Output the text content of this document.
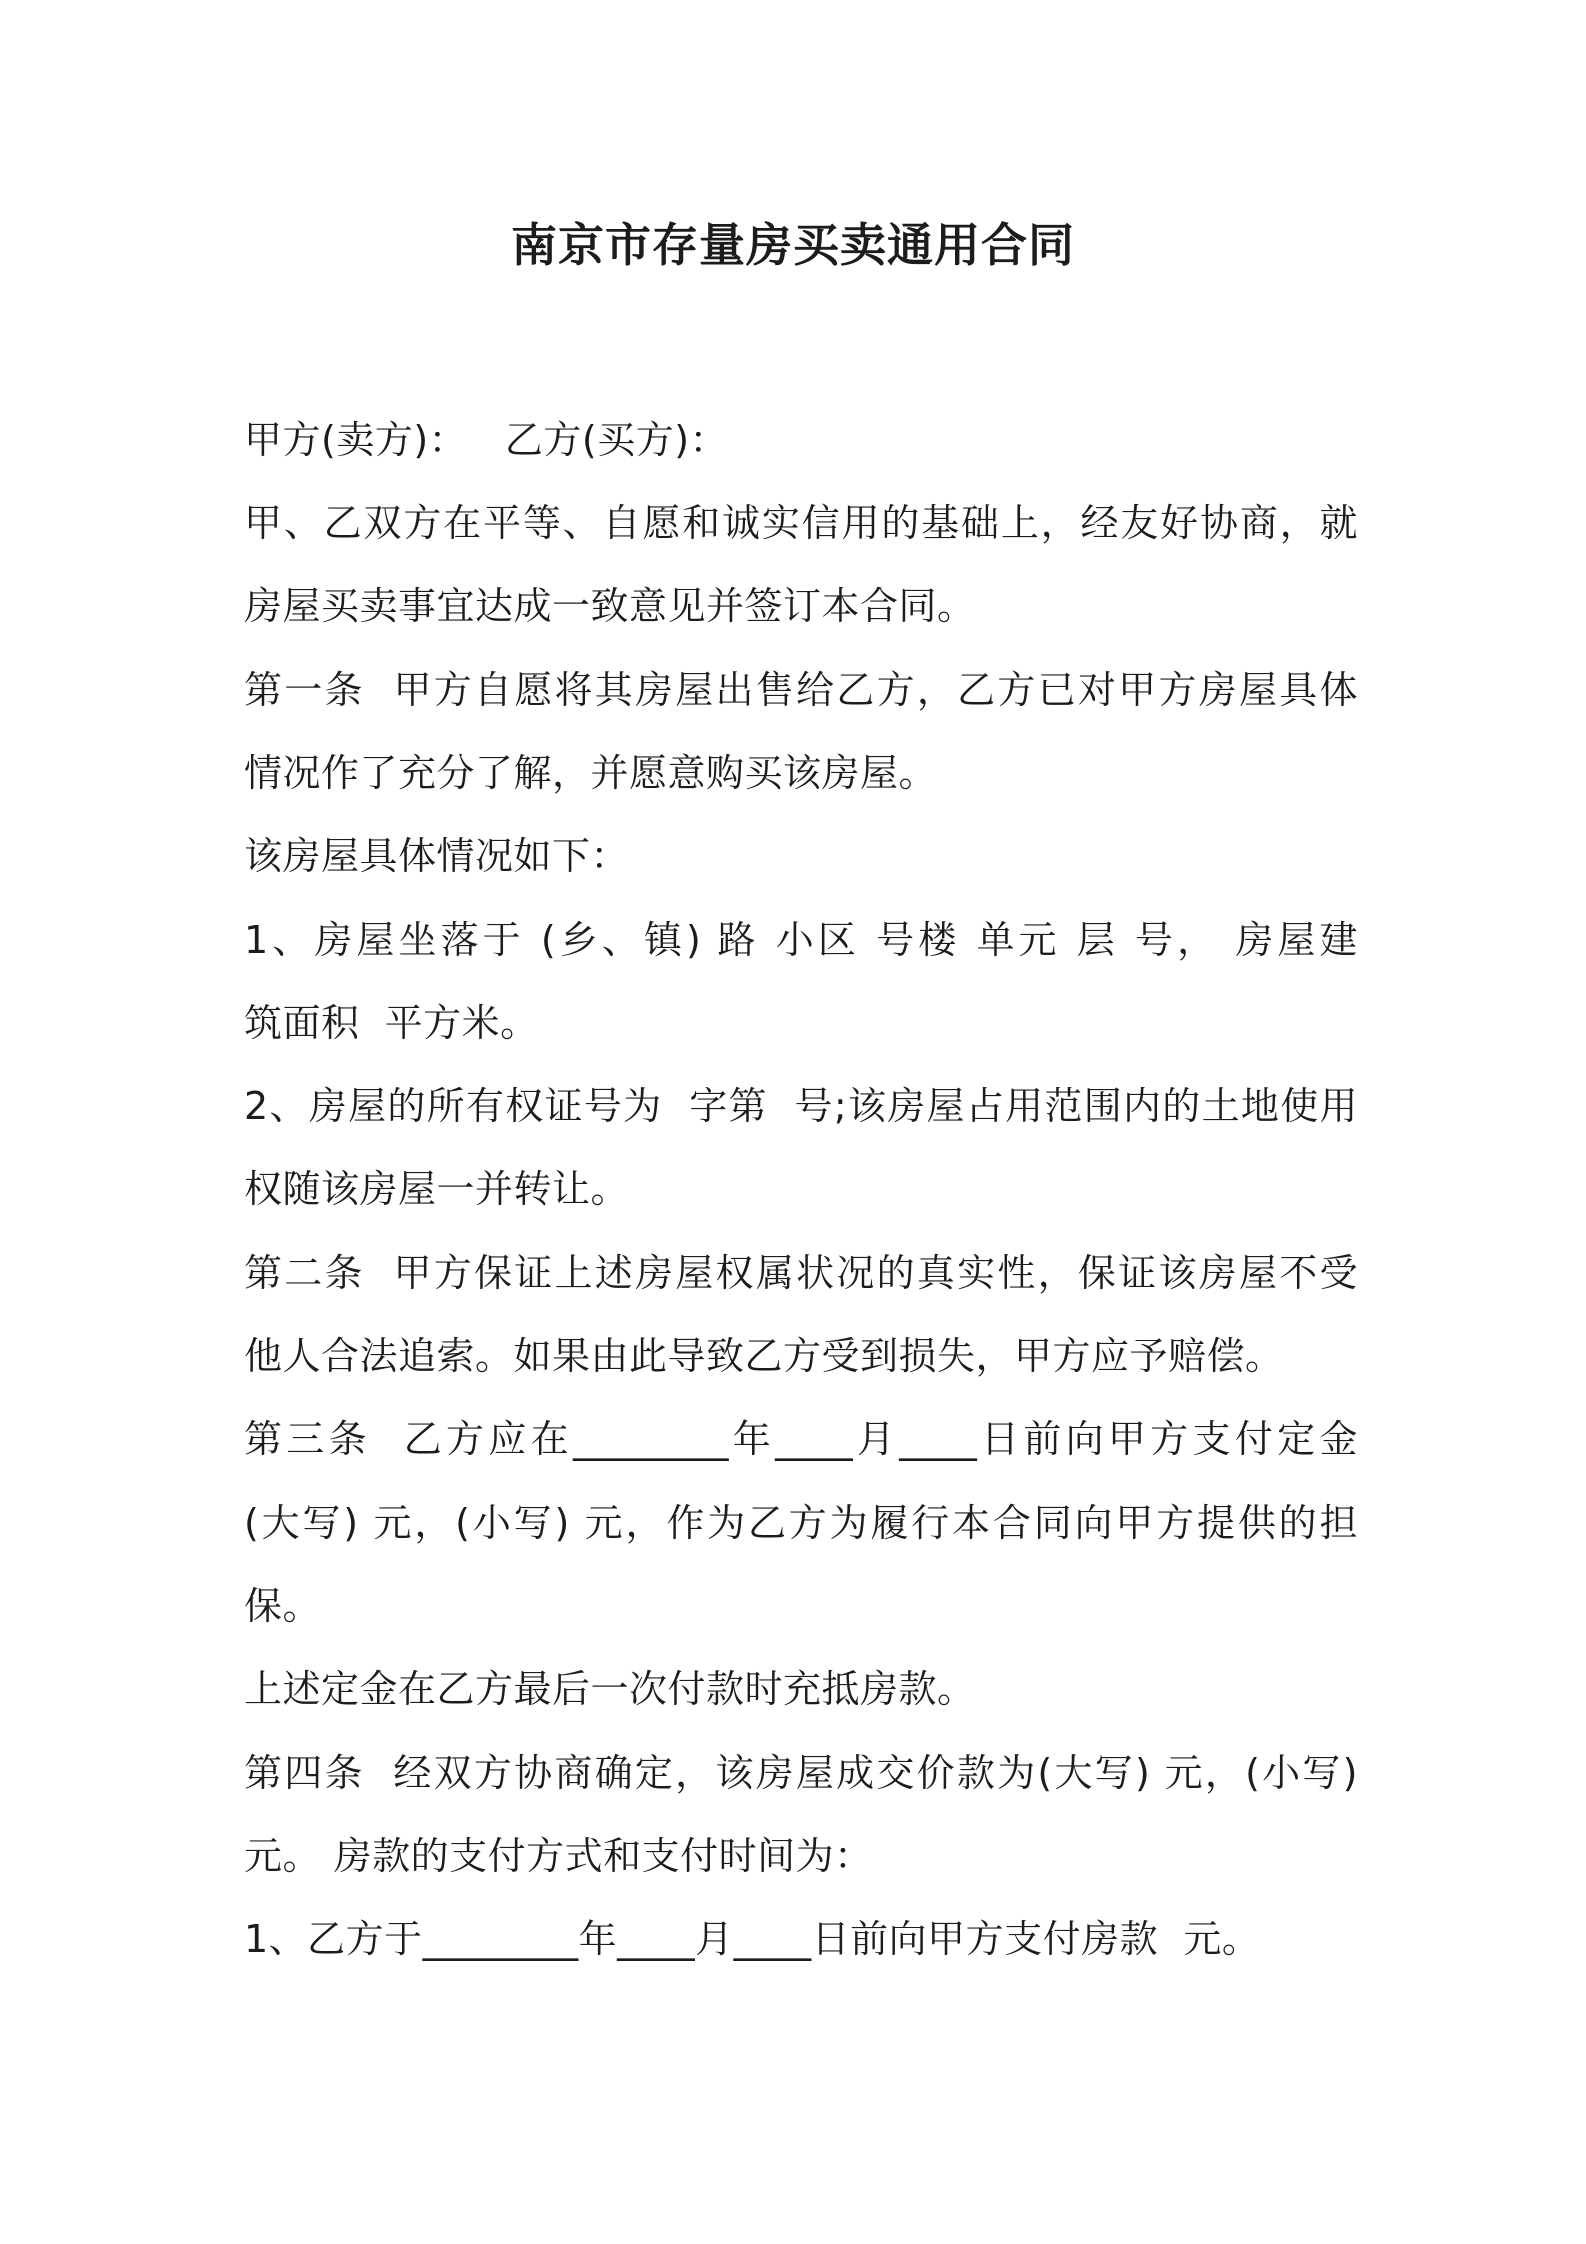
南京市存量房买卖通用合同
甲方(卖方)：   乙方(买方)：
甲、乙双方在平等、自愿和诚实信用的基础上，经友好协商，就
房屋买卖事宜达成一致意见并签订本合同。
第一条  甲方自愿将其房屋出售给乙方，乙方已对甲方房屋具体
情况作了充分了解，并愿意购买该房屋。
该房屋具体情况如下：
1、房屋坐落于 (乡、镇) 路 小区 号楼 单元 层 号， 房屋建
筑面积  平方米。
2、房屋的所有权证号为  字第  号;该房屋占用范围内的土地使用
权随该房屋一并转让。
第二条  甲方保证上述房屋权属状况的真实性，保证该房屋不受
他人合法追索。如果由此导致乙方受到损失，甲方应予赔偿。
第三条  乙方应在________年____月____日前向甲方支付定金
(大写) 元，(小写) 元，作为乙方为履行本合同向甲方提供的担
保。
上述定金在乙方最后一次付款时充抵房款。
第四条  经双方协商确定，该房屋成交价款为(大写) 元，(小写)
元。 房款的支付方式和支付时间为：
1、乙方于________年____月____日前向甲方支付房款  元。
